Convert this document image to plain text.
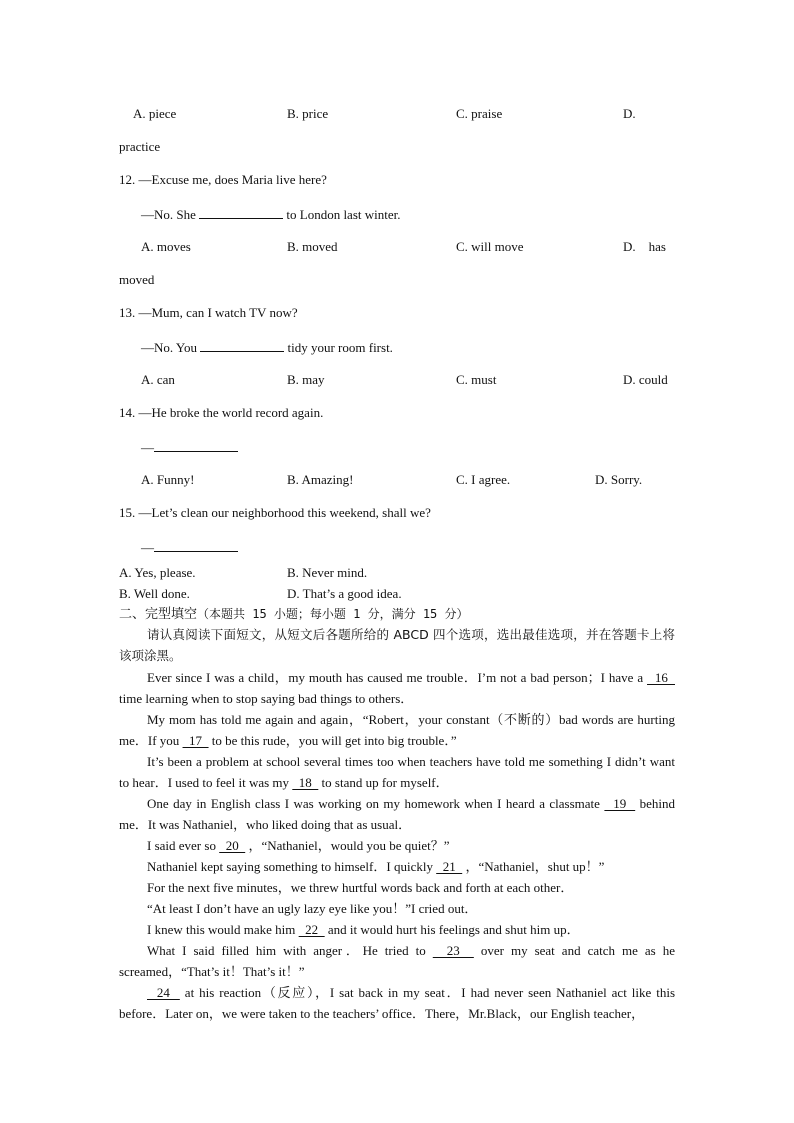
A. piece	B. price	C. praise	D.
practice
12. —Excuse me, does Maria live here?
—No. She	to London last winter.
A. moves	B. moved	C. will move	D.    has
moved
13. —Mum, can I watch TV now?
—No. You	tidy your room first.
A. can	B. may	C. must	D. could
14. —He broke the world record again.
—
A. Funny!	B. Amazing!	C. I agree.	D. Sorry.
15. —Let’s clean our neighborhood this weekend, shall we?
—
A. Yes, please.	B. Never mind.
B. Well done.	D. That’s a good idea.
二、完型填空（本题共 15 小题；每小题 1 分，满分 15 分）
请认真阅读下面短文，从短文后各题所给的 ABCD 四个选项，选出最佳选项，并在答题卡上将该项涂黑。
Ever since I was a child，my mouth has caused me trouble．I’m not a bad person；I have a   16   time learning when to stop saying bad things to others．
My mom has told me again and again，“Robert，your constant（不断的）bad words are hurting me．If you   17   to be this rude，you will get into big trouble．”
It’s been a problem at school several times too when teachers have told me something I didn’t want to hear．I used to feel it was my   18   to stand up for myself．
One day in English class I was working on my homework when I heard a classmate   19   behind me．It was Nathaniel，who liked doing that as usual．
I said ever so   20   ，“Nathaniel，would you be quiet？”
Nathaniel kept saying something to himself．I quickly   21   ，“Nathaniel，shut up！”
For the next five minutes，we threw hurtful words back and forth at each other．
“At least I don’t have an ugly lazy eye like you！”I cried out．
I knew this would make him   22   and it would hurt his feelings and shut him up．
What I said filled him with anger．He tried to   23   over my seat and catch me as he screamed，“That’s it！That’s it！”
24   at his reaction（反应），I sat back in my seat．I had never seen Nathaniel act like this before．Later on，we were taken to the teachers’ office．There，Mr.Black，our English teacher，
